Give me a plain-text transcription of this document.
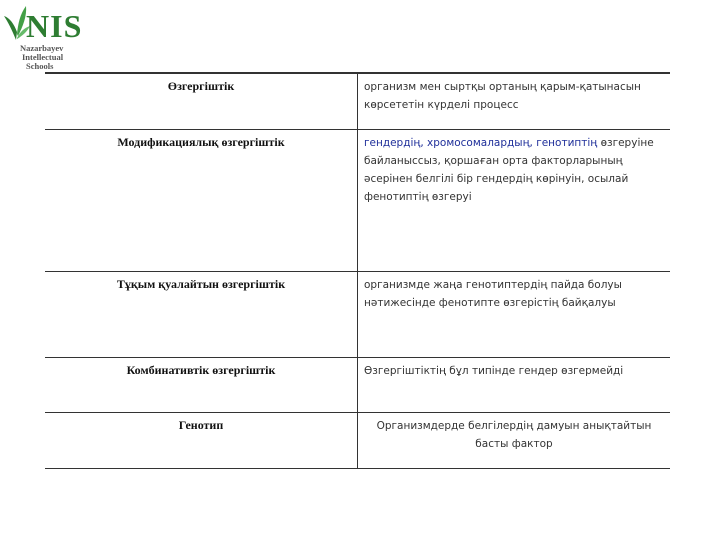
NIS
Nazarbayev
Intellectual
Schools
Өзгергіштік	организм мен сыртқы ортаның қарым-қатынасын көрсететін күрделі процесс
Модификациялық өзгергіштік	гендердің, хромосомалардың, генотиптің өзгеруіне байланыссыз, қоршаған орта факторларының әсерінен белгілі бір гендердің көрінуін, осылай фенотиптің өзгеруі
Тұқым қуалайтын өзгергіштік	организмде жаңа генотиптердің пайда болуы нәтижесінде фенотипте өзгерістің байқалуы
Комбинативтік өзгергіштік	Өзгергіштіктің бұл типінде гендер өзгермейді
Генотип	Организмдерде белгілердің дамуын анықтайтын басты фактор
